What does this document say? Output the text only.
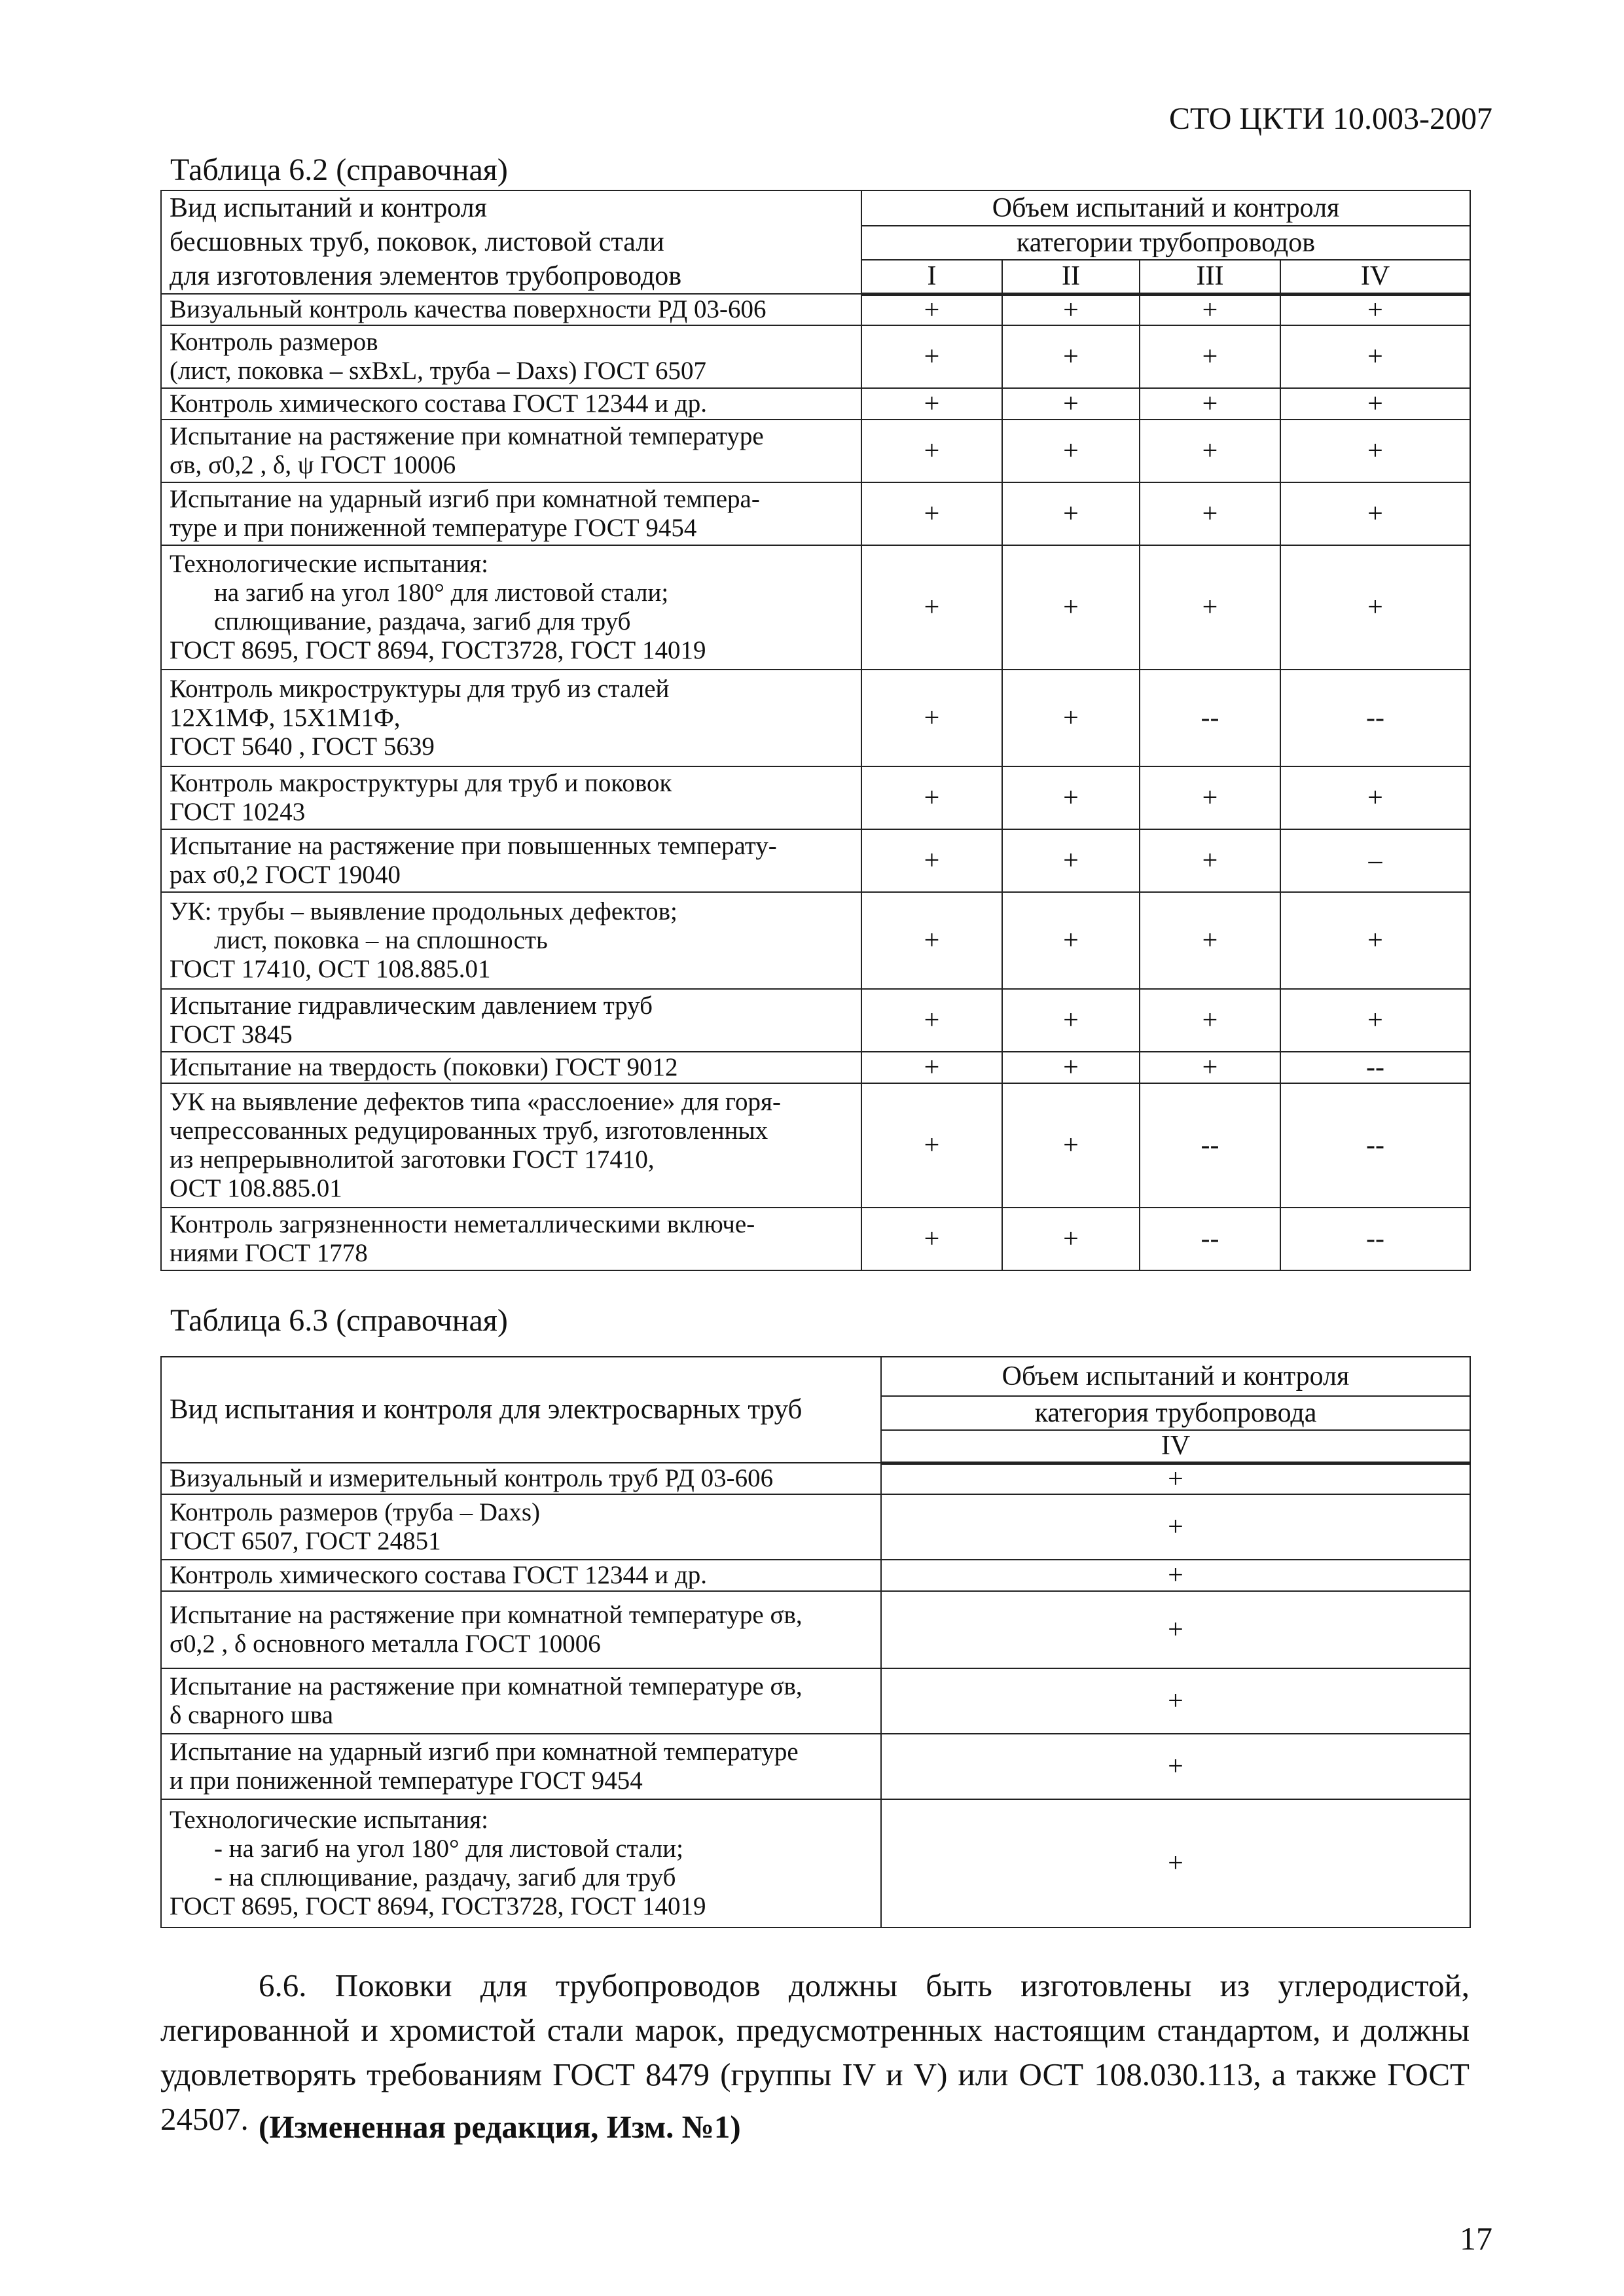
СТО ЦКТИ 10.003-2007
Таблица 6.2 (справочная)
Вид испытаний и контроля
бесшовных труб, поковок, листовой стали
для изготовления элементов трубопроводов	Объем испытаний и контроля			
	категории трубопроводов			
	I	II	III	IV

Визуальный контроль качества поверхности РД 03-606	+	+	+	+

Контроль размеров
(лист, поковка – sxBxL, труба – Daxs) ГОСТ 6507	+	+	+	+

Контроль химического состава ГОСТ 12344 и др.	+	+	+	+

Испытание на растяжение при комнатной температуре
σв, σ0,2 , δ, ψ ГОСТ 10006	+	+	+	+

Испытание на ударный изгиб при комнатной темпера-
туре и при пониженной температуре ГОСТ 9454	+	+	+	+

Технологические испытания:
на загиб на угол 180° для листовой стали;
сплющивание, раздача, загиб для труб
ГОСТ 8695, ГОСТ 8694, ГОСТ3728, ГОСТ 14019	+	+	+	+

Контроль микроструктуры для труб из сталей
12Х1МФ, 15Х1М1Ф,
ГОСТ 5640 , ГОСТ 5639	+	+	--	--

Контроль макроструктуры для труб и поковок
ГОСТ 10243	+	+	+	+

Испытание на растяжение при повышенных температу-
рах σ0,2 ГОСТ 19040	+	+	+	–

УК: трубы – выявление продольных дефектов;
лист, поковка – на сплошность
ГОСТ 17410, ОСТ 108.885.01	+	+	+	+

Испытание гидравлическим давлением труб
ГОСТ 3845	+	+	+	+

Испытание на твердость (поковки) ГОСТ 9012	+	+	+	--

УК на выявление дефектов типа «расслоение» для горя-
чепрессованных редуцированных труб, изготовленных
из непрерывнолитой заготовки ГОСТ 17410,
ОСТ 108.885.01	+	+	--	--

Контроль загрязненности неметаллическими включе-
ниями ГОСТ 1778	+	+	--	--
Таблица 6.3 (справочная)
Вид испытания и контроля для электросварных труб	Объем испытаний и контроля
	категория трубопровода
	IV

Визуальный и измерительный контроль труб РД 03-606	+

Контроль размеров (труба – Daxs)
ГОСТ 6507, ГОСТ 24851	+

Контроль химического состава ГОСТ 12344 и др.	+

Испытание на растяжение при комнатной температуре σв,
σ0,2 , δ основного металла ГОСТ 10006	+

Испытание на растяжение при комнатной температуре σв,
δ сварного шва	+

Испытание на ударный изгиб при комнатной температуре
и при пониженной температуре ГОСТ 9454	+

Технологические испытания:
- на загиб на угол 180° для листовой стали;
- на сплющивание, раздачу, загиб для труб
ГОСТ 8695, ГОСТ 8694, ГОСТ3728, ГОСТ 14019	+
6.6. Поковки для трубопроводов должны быть изготовлены из углеродистой, легированной и хромистой стали марок, предусмотренных настоящим стандартом, и должны удовлетворять требованиям ГОСТ 8479 (группы IV и V) или ОСТ 108.030.113, а также ГОСТ 24507. (Измененная редакция, Изм. №1)
17
